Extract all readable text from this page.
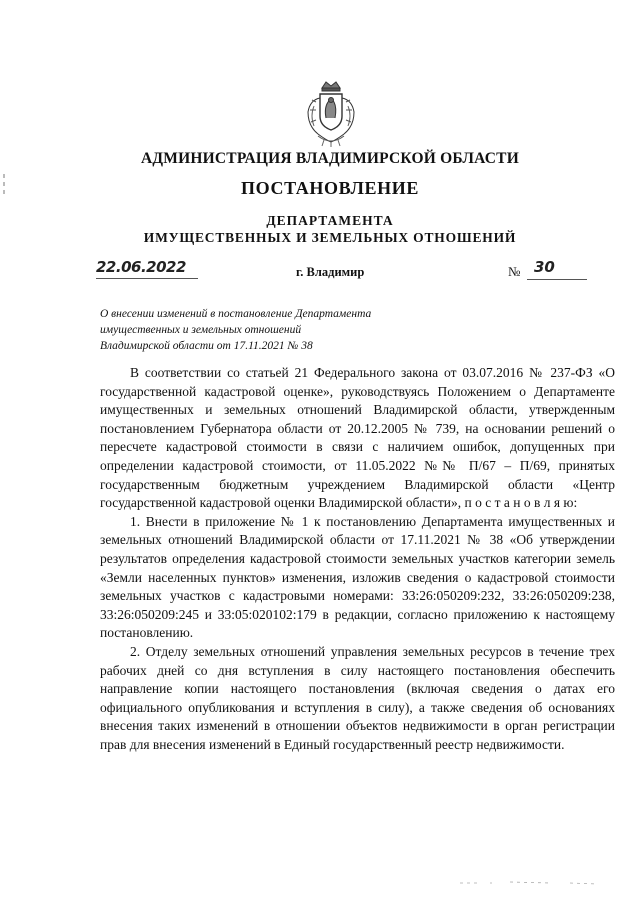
АДМИНИСТРАЦИЯ ВЛАДИМИРСКОЙ ОБЛАСТИ
ПОСТАНОВЛЕНИЕ
ДЕПАРТАМЕНТА
ИМУЩЕСТВЕННЫХ И ЗЕМЕЛЬНЫХ ОТНОШЕНИЙ
22.06.2022	г. Владимир	№ 30
О внесении изменений в постановление Департамента
имущественных и земельных отношений
Владимирской области от 17.11.2021 № 38

В соответствии со статьей 21 Федерального закона от 03.07.2016 № 237-ФЗ «О государственной кадастровой оценке», руководствуясь Положением о Департаменте имущественных и земельных отношений Владимирской области, утвержденным постановлением Губернатора области от 20.12.2005 № 739, на основании решений о пересчете кадастровой стоимости в связи с наличием ошибок, допущенных при определении кадастровой стоимости, от 11.05.2022 №№ П/67 – П/69, принятых государственным бюджетным учреждением Владимирской области «Центр государственной кадастровой оценки Владимирской области», п о с т а н о в л я ю:

1. Внести в приложение № 1 к постановлению Департамента имущественных и земельных отношений Владимирской области от 17.11.2021 № 38 «Об утверждении результатов определения кадастровой стоимости земельных участков категории земель «Земли населенных пунктов» изменения, изложив сведения о кадастровой стоимости земельных участков с кадастровыми номерами: 33:26:050209:232, 33:26:050209:238, 33:26:050209:245 и 33:05:020102:179 в редакции, согласно приложению к настоящему постановлению.

2. Отделу земельных отношений управления земельных ресурсов в течение трех рабочих дней со дня вступления в силу настоящего постановления обеспечить направление копии настоящего постановления (включая сведения о датах его официального опубликования и вступления в силу), а также сведения об основаниях внесения таких изменений в отношении объектов недвижимости в орган регистрации прав для внесения изменений в Единый государственный реестр недвижимости.
